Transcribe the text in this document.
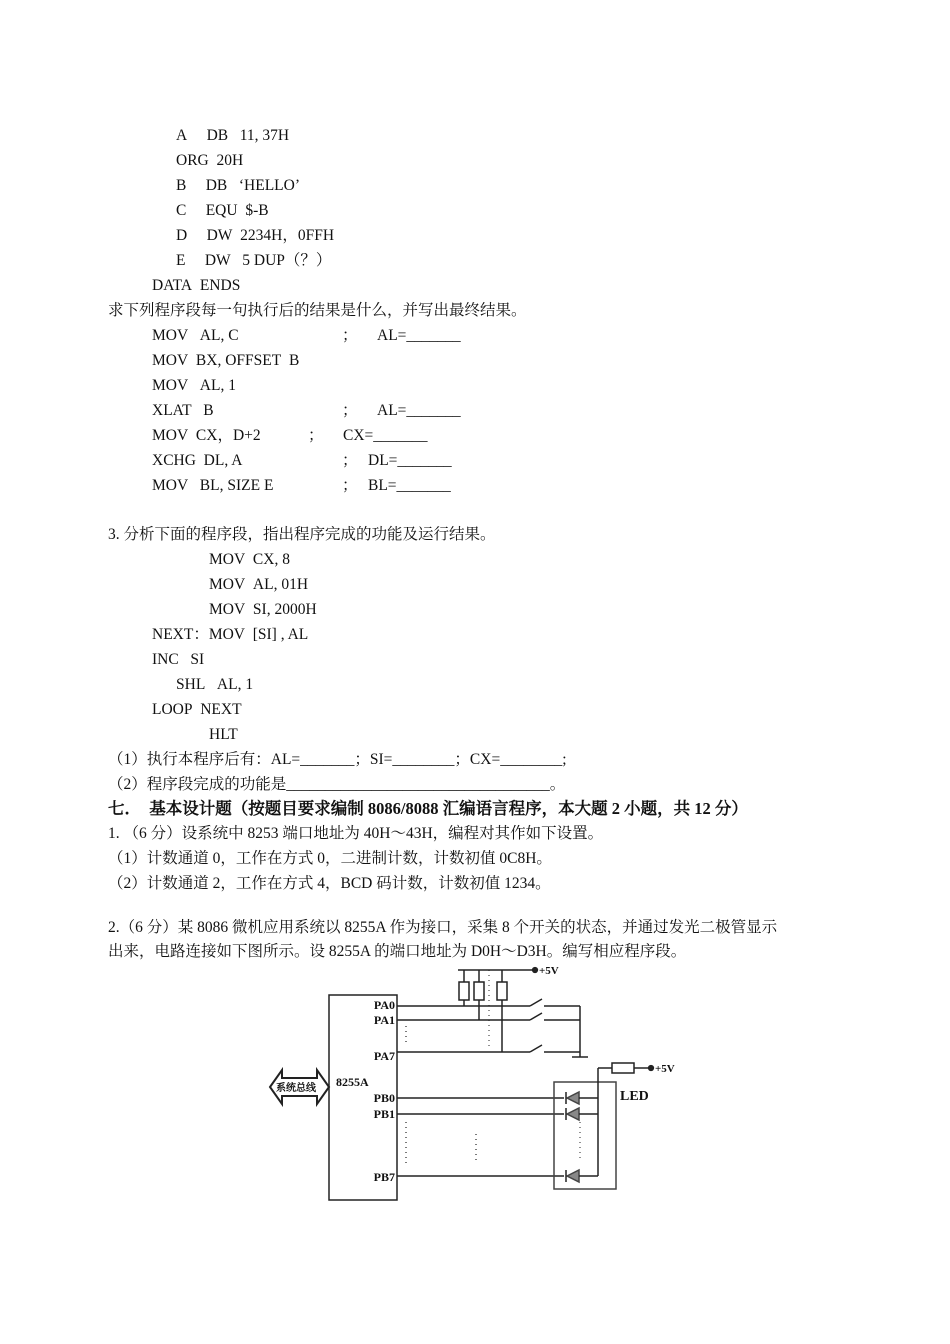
A     DB   11, 37H
ORG  20H
B     DB   ‘HELLO’
C     EQU  $-B
D     DW  2234H，0FFH
E     DW   5 DUP（？）
DATA  ENDS
求下列程序段每一句执行后的结果是什么，并写出最终结果。
MOV   AL, C	； AL=_______
MOV  BX, OFFSET  B
MOV   AL, 1
XLAT   B	； AL=_______
MOV  CX，D+2	； CX=_______
XCHG  DL, A	； DL=_______
MOV   BL, SIZE E	； BL=_______
3. 分析下面的程序段，指出程序完成的功能及运行结果。
MOV  CX, 8
MOV  AL, 01H
MOV  SI, 2000H
NEXT：MOV  [SI] , AL
INC   SI
SHL   AL, 1
LOOP  NEXT
HLT
（1）执行本程序后有：AL=_______；SI=________；CX=________;
（2）程序段完成的功能是__________________________________。
七．  基本设计题（按题目要求编制 8086/8088 汇编语言程序，本大题 2 小题，共 12 分）
1. （6 分）设系统中 8253 端口地址为 40H～43H，编程对其作如下设置。
（1）计数通道 0，工作在方式 0，二进制计数，计数初值 0C8H。
（2）计数通道 2，工作在方式 4，BCD 码计数，计数初值 1234。
2.（6 分）某 8086 微机应用系统以 8255A 作为接口，采集 8 个开关的状态，并通过发光二极管显示
出来，电路连接如下图所示。设 8255A 的端口地址为 D0H～D3H。编写相应程序段。
8255A
系统总线
+5V
+5V
LED
PA0
PA1
PA7
PB0
PB1
PB7
